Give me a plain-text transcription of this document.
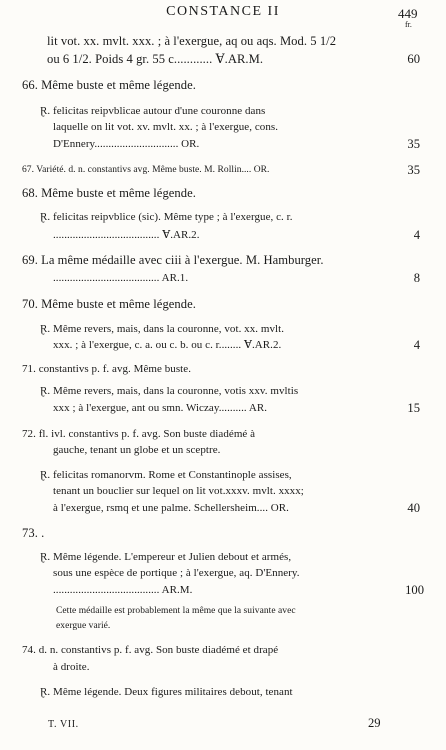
CONSTANCE II	449
fr.
lit vot. xx. mvlt. xxx. ; à l'exergue, aq ou aqs. Mod. 5 1/2
ou 6 1/2. Poids 4 gr. 55 c............ Ɐ.AR.M.	60
66. Même buste et même légende.
Ɽ. felicitas reipvblicae autour d'une couronne dans
laquelle on lit vot. xv. mvlt. xx. ; à l'exergue, cons.
D'Ennery.............................. OR.	35
67. Variété. d. n. constantivs avg. Même buste. M. Rollin.... OR.	35
68. Même buste et même légende.
Ɽ. felicitas reipvblice (sic). Même type ; à l'exergue, c. r.
...................................... Ɐ.AR.2.	4
69. La même médaille avec ciii à l'exergue. M. Hamburger.
...................................... AR.1.	8
70. Même buste et même légende.
Ɽ. Même revers, mais, dans la couronne, vot. xx. mvlt.
xxx. ; à l'exergue, c. a. ou c. b. ou c. r........ Ɐ.AR.2.	4
71. constantivs p. f. avg. Même buste.
Ɽ. Même revers, mais, dans la couronne, votis xxv. mvltis
xxx ; à l'exergue, ant ou smn. Wiczay.......... AR.	15
72. fl. ivl. constantivs p. f. avg. Son buste diadémé à
gauche, tenant un globe et un sceptre.
Ɽ. felicitas romanorvm. Rome et Constantinople assises,
tenant un bouclier sur lequel on lit vot.xxxv. mvlt. xxxx;
à l'exergue, rsmq et une palme. Schellersheim.... OR.	40
73. .
Ɽ. Même légende. L'empereur et Julien debout et armés,
sous une espèce de portique ; à l'exergue, aq. D'Ennery.
...................................... AR.M.	100
Cette médaille est probablement la même que la suivante avec
exergue varié.
74. d. n. constantivs p. f. avg. Son buste diadémé et drapé
à droite.
Ɽ. Même légende. Deux figures militaires debout, tenant
T. VII.	29
